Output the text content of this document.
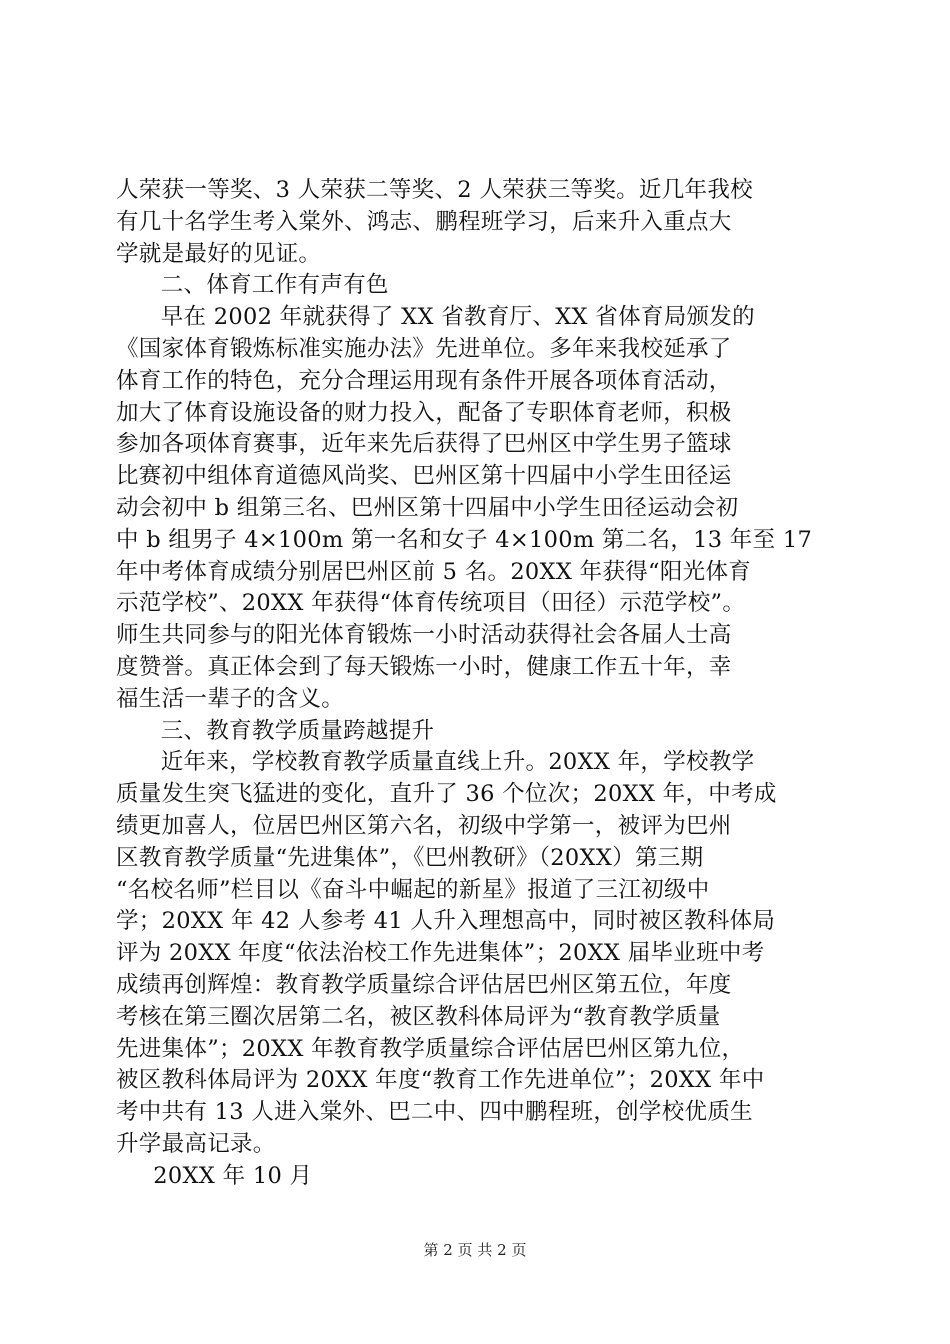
人荣获一等奖、3 人荣获二等奖、2 人荣获三等奖。近几年我校
有几十名学生考入棠外、鸿志、鹏程班学习，后来升入重点大
学就是最好的见证。
二、体育工作有声有色
早在 2002 年就获得了 XX 省教育厅、XX 省体育局颁发的
《国家体育锻炼标准实施办法》先进单位。多年来我校延承了
体育工作的特色，充分合理运用现有条件开展各项体育活动，
加大了体育设施设备的财力投入，配备了专职体育老师，积极
参加各项体育赛事，近年来先后获得了巴州区中学生男子篮球
比赛初中组体育道德风尚奖、巴州区第十四届中小学生田径运
动会初中 b 组第三名、巴州区第十四届中小学生田径运动会初
中 b 组男子 4×100m 第一名和女子 4×100m 第二名，13 年至 17
年中考体育成绩分别居巴州区前 5 名。20XX 年获得“阳光体育
示范学校”、20XX 年获得“体育传统项目（田径）示范学校”。
师生共同参与的阳光体育锻炼一小时活动获得社会各届人士高
度赞誉。真正体会到了每天锻炼一小时，健康工作五十年，幸
福生活一辈子的含义。
三、教育教学质量跨越提升
近年来，学校教育教学质量直线上升。20XX 年，学校教学
质量发生突飞猛进的变化，直升了 36 个位次；20XX 年，中考成
绩更加喜人，位居巴州区第六名，初级中学第一，被评为巴州
区教育教学质量“先进集体”，《巴州教研》（20XX）第三期
“名校名师”栏目以《奋斗中崛起的新星》报道了三江初级中
学；20XX 年 42 人参考 41 人升入理想高中，同时被区教科体局
评为 20XX 年度“依法治校工作先进集体”；20XX 届毕业班中考
成绩再创辉煌：教育教学质量综合评估居巴州区第五位，年度
考核在第三圈次居第二名，被区教科体局评为“教育教学质量
先进集体”；20XX 年教育教学质量综合评估居巴州区第九位，
被区教科体局评为 20XX 年度“教育工作先进单位”；20XX 年中
考中共有 13 人进入棠外、巴二中、四中鹏程班，创学校优质生
升学最高记录。
20XX 年 10 月
第 2 页 共 2 页
